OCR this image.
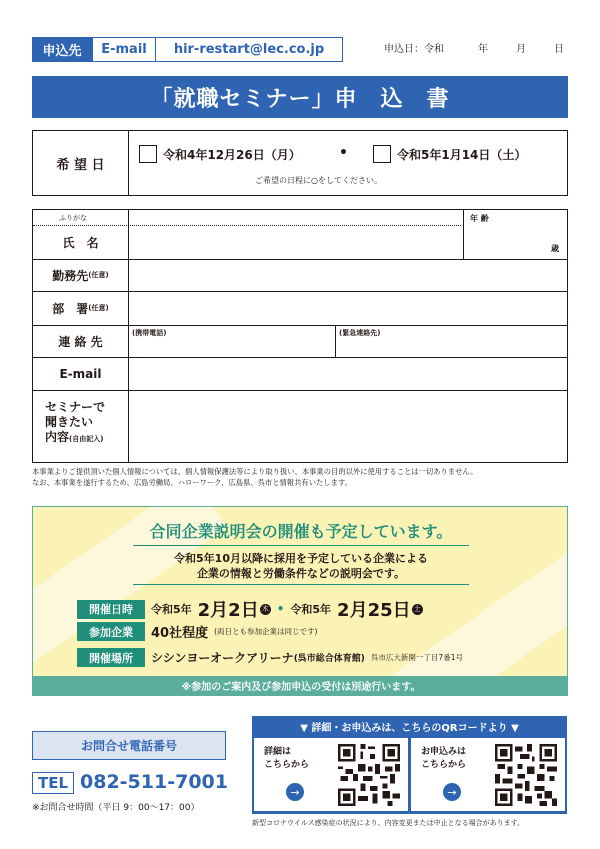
申込先	E-mail	hir-restart@lec.co.jp	申込日：令和	年	月	日
「就職セミナー」申　込　書
希 望 日
令和4年12月26日（月）	•	令和5年1月14日（土）
ご希望の日程に○をしてください。
ふりがな
氏　名
年 齢
歳
勤務先 (任意)
部　署 (任意)
連 絡 先
(携帯電話)	(緊急連絡先)
E-mail
セミナーで
聞きたい
内容(自由記入)
本事業よりご提供頂いた個人情報については、個人情報保護法等により取り扱い、本事業の目的以外に使用することは一切ありません。
なお、本事業を遂行するため、広島労働局、ハローワーク、広島県、呉市と情報共有いたします。
合同企業説明会の開催も予定しています。
令和5年10月以降に採用を予定している企業による
企業の情報と労働条件などの説明会です。
開催日時	令和5年 2月2日 木 • 令和5年 2月25日 土
参加企業	40社程度 (両日とも参加企業は同じです)
開催場所	シシンヨーオークアリーナ (呉市総合体育館) 呉市広大新開一丁目7番1号
※参加のご案内及び参加申込の受付は別途行います。
お問合せ電話番号
TEL 082-511-7001
※お問合せ時間（平日 9：00〜17：00）
▼ 詳細・お申込みは、こちらのQRコードより ▼
詳細は
こちらから
→
お申込みは
こちらから
→
新型コロナウイルス感染症の状況により、内容変更または中止となる場合があります。
